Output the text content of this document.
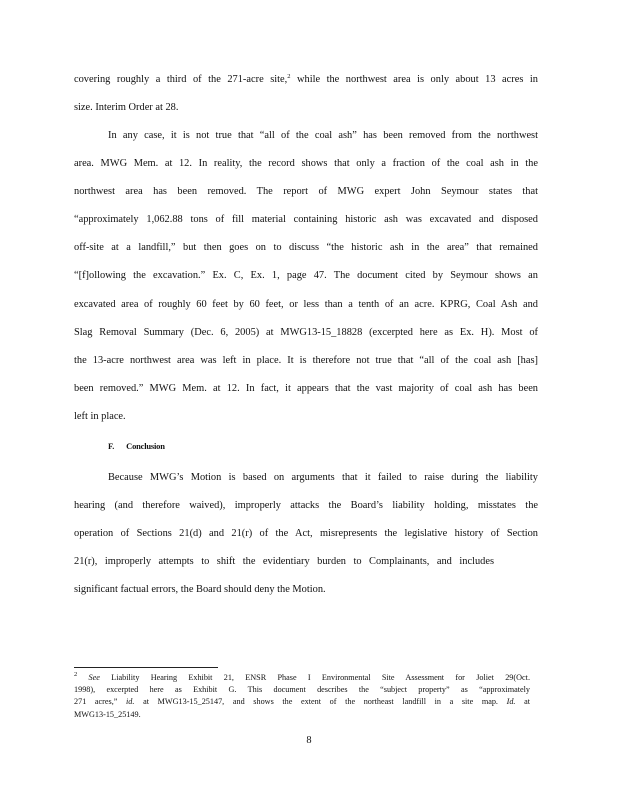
covering roughly a third of the 271-acre site,$^2$ while the northwest area is only about 13 acres in
size. Interim Order at 28.
In any case, it is not true that “all of the coal ash” has been removed from the northwest
area. MWG Mem. at 12. In reality, the record shows that only a fraction of the coal ash in the
northwest area has been removed. The report of MWG expert John Seymour states that
“approximately 1,062.88 tons of fill material containing historic ash was excavated and disposed
off-site at a landfill,” but then goes on to discuss “the historic ash in the area” that remained
“[f]ollowing the excavation.” Ex. C, Ex. 1, page 47. The document cited by Seymour shows an
excavated area of roughly 60 feet by 60 feet, or less than a tenth of an acre. KPRG, Coal Ash and
Slag Removal Summary (Dec. 6, 2005) at MWG13-15_18828 (excerpted here as Ex. H). Most of
the 13-acre northwest area was left in place. It is therefore not true that “all of the coal ash [has]
been removed.” MWG Mem. at 12. In fact, it appears that the vast majority of coal ash has been
left in place.
F. Conclusion
Because MWG’s Motion is based on arguments that it failed to raise during the liability
hearing (and therefore waived), improperly attacks the Board’s liability holding, misstates the
operation of Sections 21(d) and 21(r) of the Act, misrepresents the legislative history of Section
21(r), improperly attempts to shift the evidentiary burden to Complainants, and includes
significant factual errors, the Board should deny the Motion.
$^2$ See Liability Hearing Exhibit 21, ENSR Phase I Environmental Site Assessment for Joliet 29(Oct.
1998), excerpted here as Exhibit G. This document describes the “subject property” as “approximately
271 acres,” id. at MWG13-15_25147, and shows the extent of the northeast landfill in a site map. Id. at
MWG13-15_25149.
8
